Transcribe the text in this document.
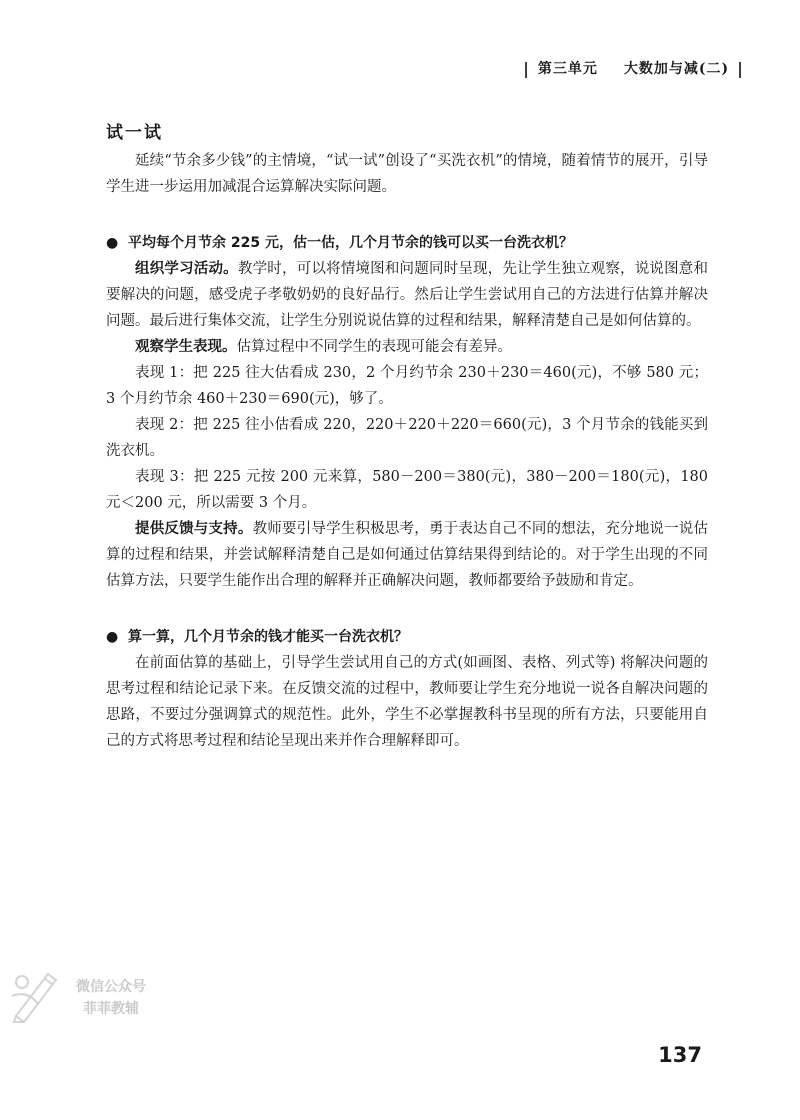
| 第三单元 大数加与减(二) |
试一试

延续“节余多少钱”的主情境，“试一试”创设了“买洗衣机”的情境，随着情节的展开，引导学生进一步运用加减混合运算解决实际问题。

● 平均每个月节余 225 元，估一估，几个月节余的钱可以买一台洗衣机？

组织学习活动。教学时，可以将情境图和问题同时呈现，先让学生独立观察，说说图意和要解决的问题，感受虎子孝敬奶奶的良好品行。然后让学生尝试用自己的方法进行估算并解决问题。最后进行集体交流，让学生分别说说估算的过程和结果，解释清楚自己是如何估算的。

观察学生表现。估算过程中不同学生的表现可能会有差异。

表现 1：把 225 往大估看成 230，2 个月约节余 230＋230＝460(元)，不够 580 元；3 个月约节余 460＋230＝690(元)，够了。

表现 2：把 225 往小估看成 220，220＋220＋220＝660(元)，3 个月节余的钱能买到洗衣机。

表现 3：把 225 元按 200 元来算，580－200＝380(元)，380－200＝180(元)，180 元＜200 元，所以需要 3 个月。

提供反馈与支持。教师要引导学生积极思考，勇于表达自己不同的想法，充分地说一说估算的过程和结果，并尝试解释清楚自己是如何通过估算结果得到结论的。对于学生出现的不同估算方法，只要学生能作出合理的解释并正确解决问题，教师都要给予鼓励和肯定。

● 算一算，几个月节余的钱才能买一台洗衣机？

在前面估算的基础上，引导学生尝试用自己的方式(如画图、表格、列式等) 将解决问题的思考过程和结论记录下来。在反馈交流的过程中，教师要让学生充分地说一说各自解决问题的思路，不要过分强调算式的规范性。此外，学生不必掌握教科书呈现的所有方法，只要能用自己的方式将思考过程和结论呈现出来并作合理解释即可。

微信公众号
菲菲教辅
137
